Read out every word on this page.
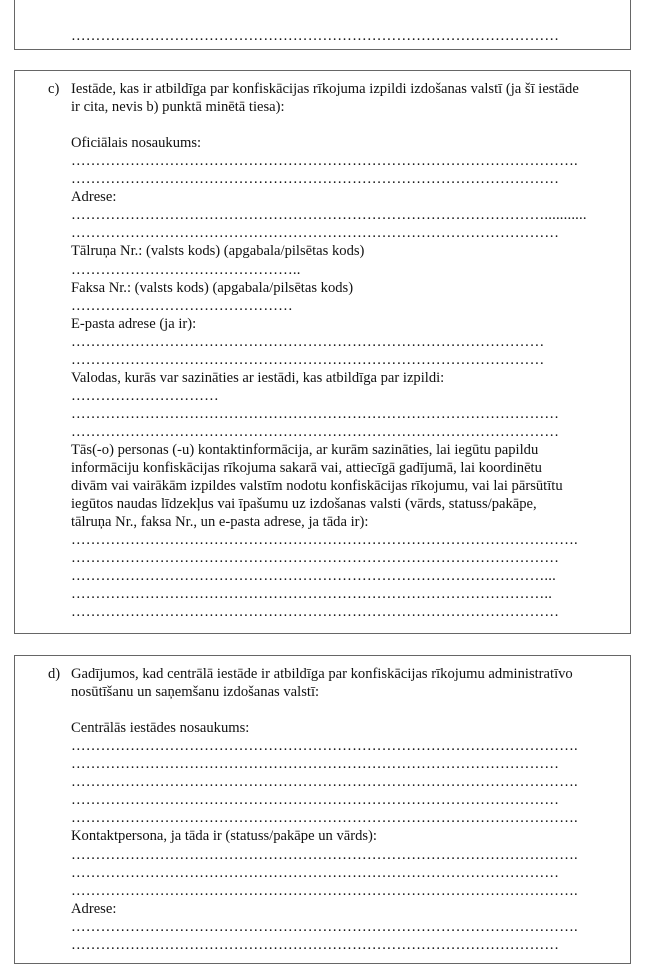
………………………………………………………………………………………
c) Iestāde, kas ir atbildīga par konfiskācijas rīkojuma izpildi izdošanas valstī (ja šī iestāde
ir cita, nevis b) punktā minētā tiesa):
Oficiālais nosaukums:
………………………………………………………………………………………….
………………………………………………………………………………………
Adrese:
……………………………………………………………………………………...........
………………………………………………………………………………………
Tālruņa Nr.: (valsts kods) (apgabala/pilsētas kods)
………………………………………..
Faksa Nr.: (valsts kods) (apgabala/pilsētas kods)
………………………………………
E-pasta adrese (ja ir):
……………………………………………………………………………………
……………………………………………………………………………………
Valodas, kurās var sazināties ar iestādi, kas atbildīga par izpildi:
…………………………
………………………………………………………………………………………
………………………………………………………………………………………
Tās(-o) personas (-u) kontaktinformācija, ar kurām sazināties, lai iegūtu papildu
informāciju konfiskācijas rīkojuma sakarā vai, attiecīgā gadījumā, lai koordinētu
divām vai vairākām izpildes valstīm nodotu konfiskācijas rīkojumu, vai lai pārsūtītu
iegūtos naudas līdzekļus vai īpašumu uz izdošanas valsti (vārds, statuss/pakāpe,
tālruņa Nr., faksa Nr., un e-pasta adrese, ja tāda ir):
………………………………………………………………………………………….
………………………………………………………………………………………
……………………………………………………………………………………...
……………………………………………………………………………………..
………………………………………………………………………………………
d) Gadījumos, kad centrālā iestāde ir atbildīga par konfiskācijas rīkojumu administratīvo
nosūtīšanu un saņemšanu izdošanas valstī:
Centrālās iestādes nosaukums:
………………………………………………………………………………………….
………………………………………………………………………………………
………………………………………………………………………………………….
………………………………………………………………………………………
………………………………………………………………………………………….
Kontaktpersona, ja tāda ir (statuss/pakāpe un vārds):
………………………………………………………………………………………….
………………………………………………………………………………………
………………………………………………………………………………………….
Adrese:
………………………………………………………………………………………….
………………………………………………………………………………………
